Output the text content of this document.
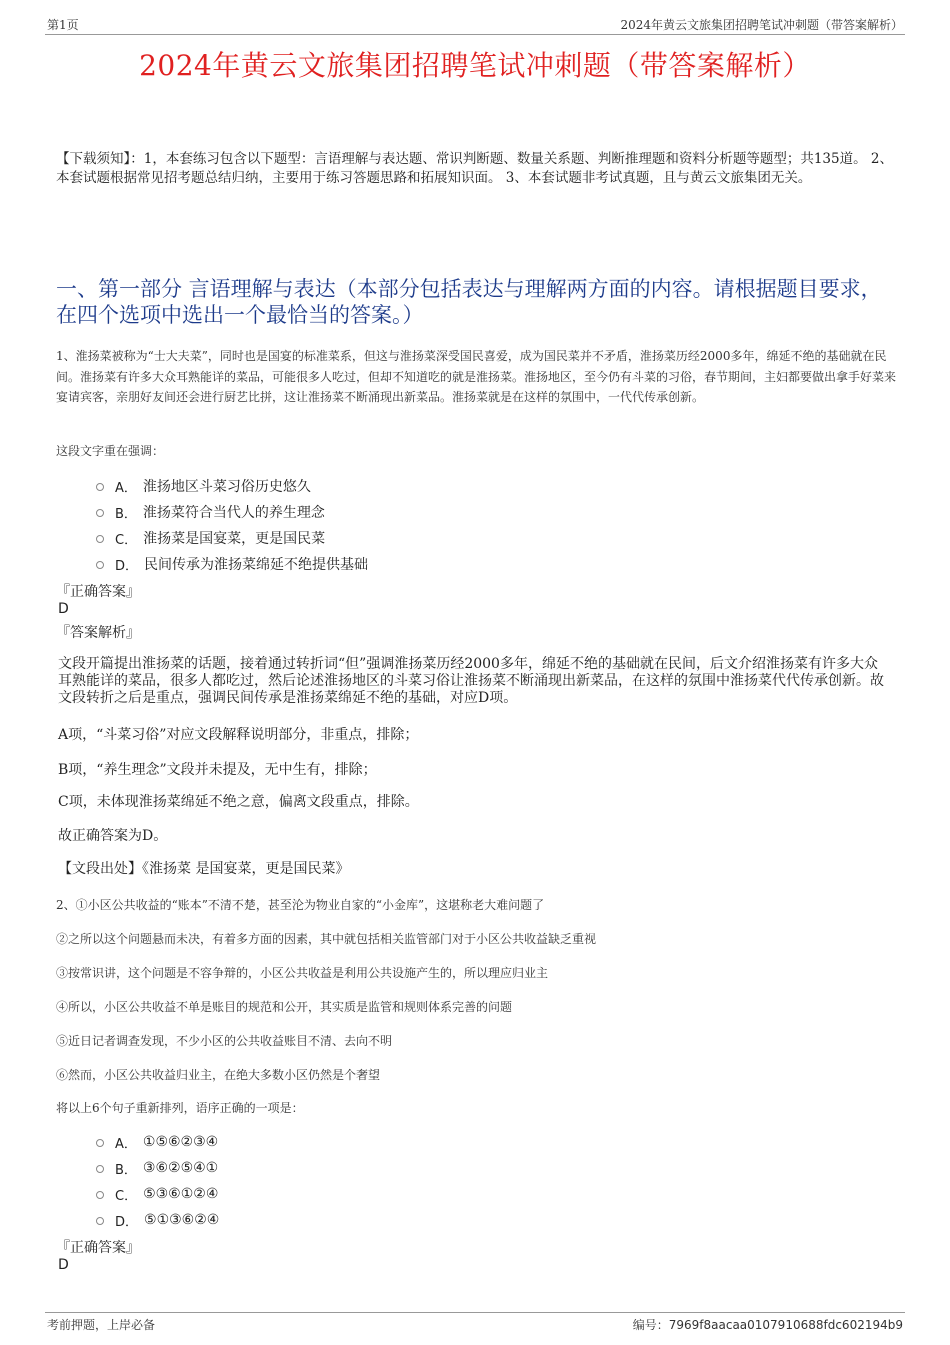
第1页	2024年黄云文旅集团招聘笔试冲刺题（带答案解析）
2024年黄云文旅集团招聘笔试冲刺题（带答案解析）
【下载须知】：1，本套练习包含以下题型：言语理解与表达题、常识判断题、数量关系题、判断推理题和资料分析题等题型；共135道。 2、本套试题根据常见招考题总结归纳，主要用于练习答题思路和拓展知识面。 3、本套试题非考试真题，且与黄云文旅集团无关。
一、第一部分 言语理解与表达（本部分包括表达与理解两方面的内容。请根据题目要求，在四个选项中选出一个最恰当的答案。）
1、淮扬菜被称为“士大夫菜”，同时也是国宴的标准菜系，但这与淮扬菜深受国民喜爱，成为国民菜并不矛盾，淮扬菜历经2000多年，绵延不绝的基础就在民间。淮扬菜有许多大众耳熟能详的菜品，可能很多人吃过，但却不知道吃的就是淮扬菜。淮扬地区，至今仍有斗菜的习俗，春节期间，主妇都要做出拿手好菜来宴请宾客，亲朋好友间还会进行厨艺比拼，这让淮扬菜不断涌现出新菜品。淮扬菜就是在这样的氛围中，一代代传承创新。
这段文字重在强调：
A． 淮扬地区斗菜习俗历史悠久
B． 淮扬菜符合当代人的养生理念
C． 淮扬菜是国宴菜，更是国民菜
D． 民间传承为淮扬菜绵延不绝提供基础
『正确答案』
D
『答案解析』
文段开篇提出淮扬菜的话题，接着通过转折词“但”强调淮扬菜历经2000多年，绵延不绝的基础就在民间，后文介绍淮扬菜有许多大众耳熟能详的菜品，很多人都吃过，然后论述淮扬地区的斗菜习俗让淮扬菜不断涌现出新菜品，在这样的氛围中淮扬菜代代传承创新。故文段转折之后是重点，强调民间传承是淮扬菜绵延不绝的基础，对应D项。
A项，“斗菜习俗”对应文段解释说明部分，非重点，排除；
B项，“养生理念”文段并未提及，无中生有，排除；
C项，未体现淮扬菜绵延不绝之意，偏离文段重点，排除。
故正确答案为D。
【文段出处】《淮扬菜 是国宴菜，更是国民菜》
2、①小区公共收益的“账本”不清不楚，甚至沦为物业自家的“小金库”，这堪称老大难问题了
②之所以这个问题悬而未决，有着多方面的因素，其中就包括相关监管部门对于小区公共收益缺乏重视
③按常识讲，这个问题是不容争辩的，小区公共收益是利用公共设施产生的，所以理应归业主
④所以，小区公共收益不单是账目的规范和公开，其实质是监管和规则体系完善的问题
⑤近日记者调查发现，不少小区的公共收益账目不清、去向不明
⑥然而，小区公共收益归业主，在绝大多数小区仍然是个奢望
将以上6个句子重新排列，语序正确的一项是：
A． ①⑤⑥②③④
B． ③⑥②⑤④①
C． ⑤③⑥①②④
D． ⑤①③⑥②④
『正确答案』
D
考前押题，上岸必备	编号：7969f8aacaa0107910688fdc602194b9
